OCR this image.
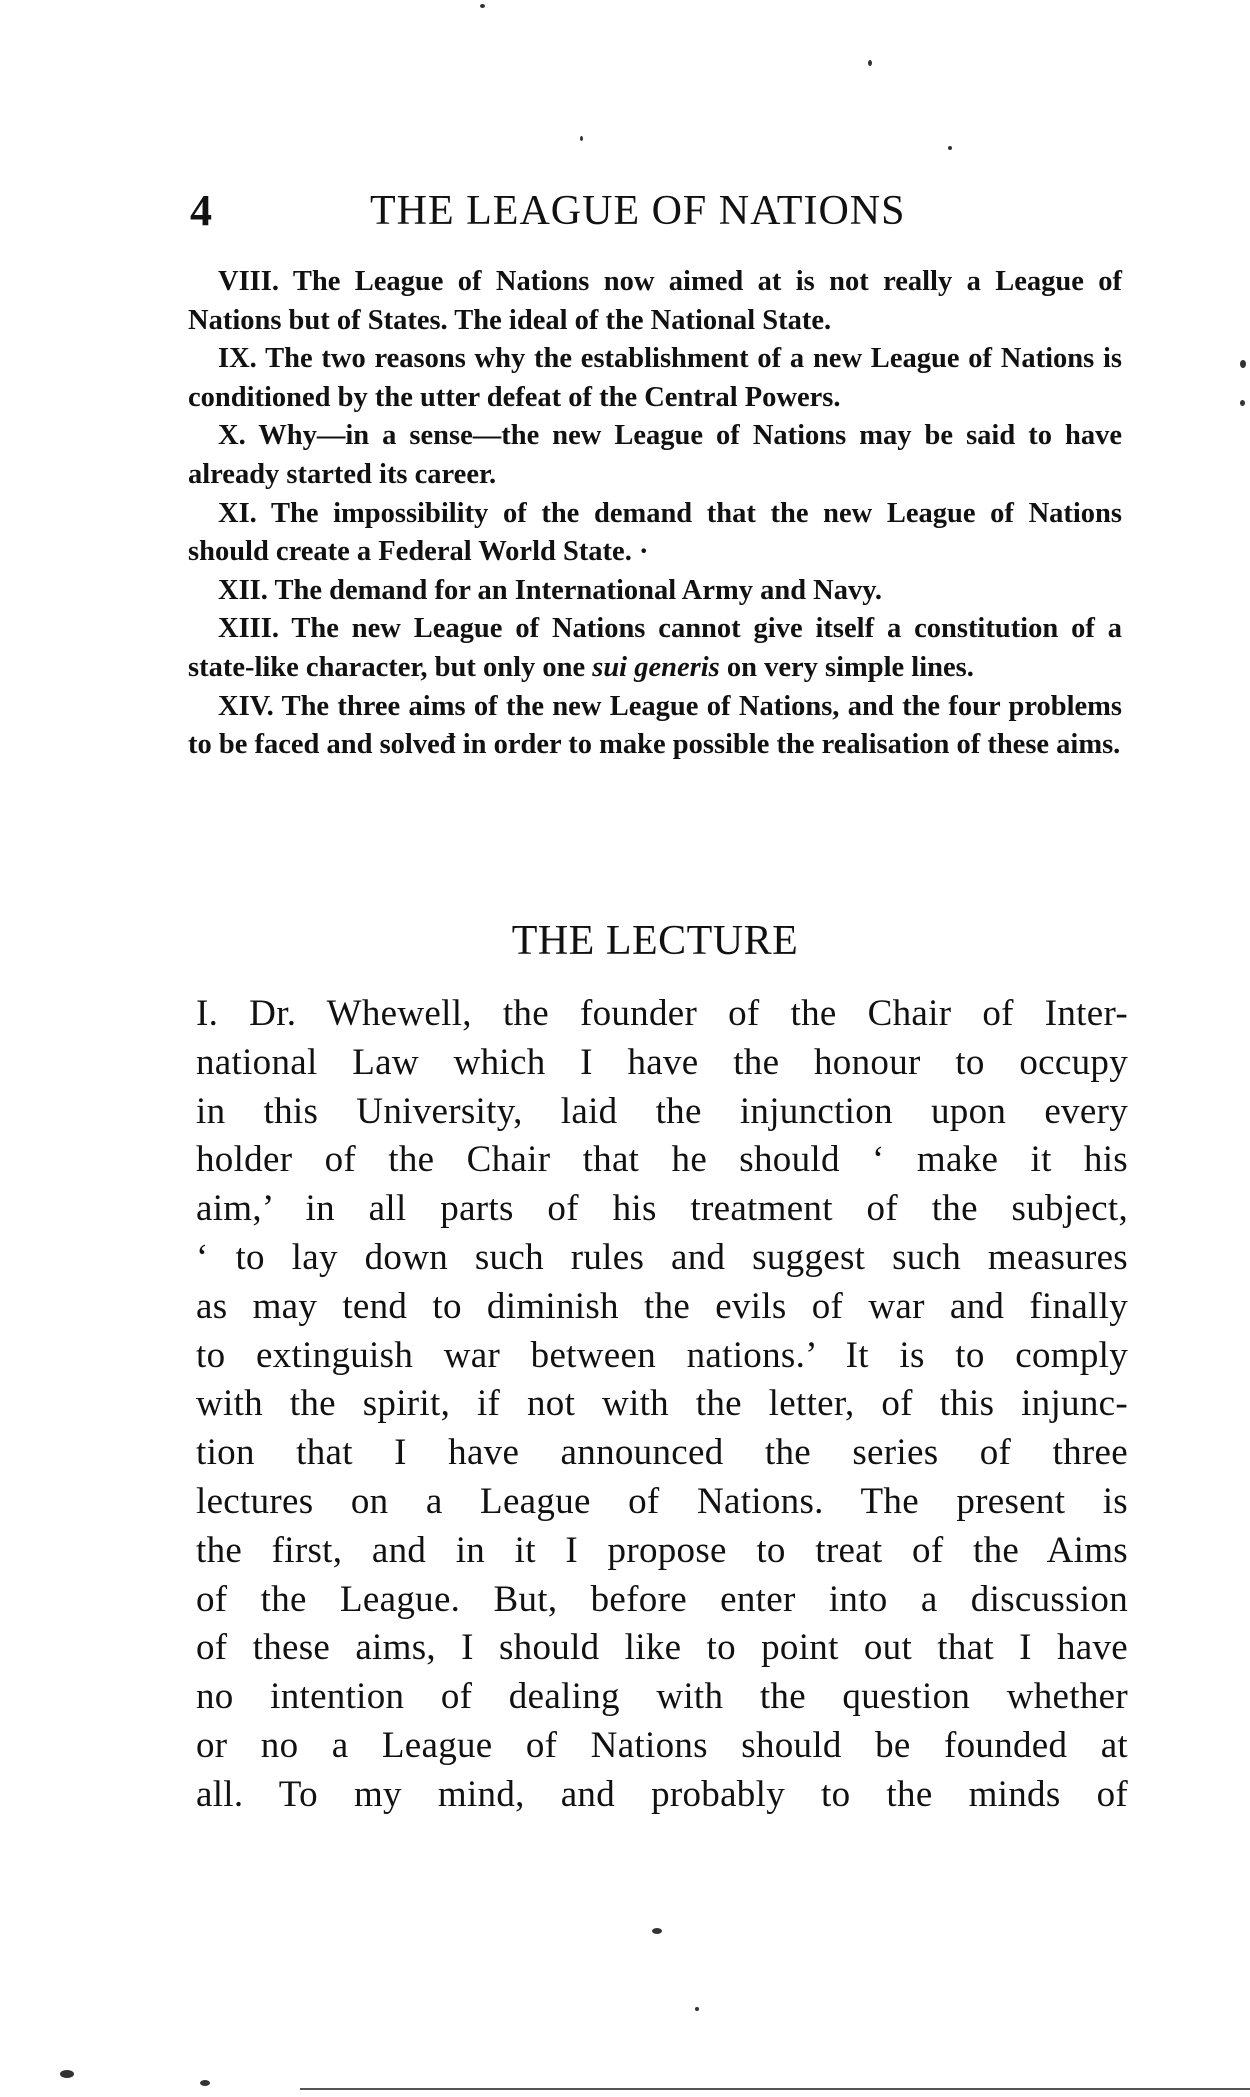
4	THE LEAGUE OF NATIONS

VIII. The League of Nations now aimed at is not really a League of Nations but of States. The ideal of the National State.

IX. The two reasons why the establishment of a new League of Nations is conditioned by the utter defeat of the Central Powers.

X. Why—in a sense—the new League of Nations may be said to have already started its career.

XI. The impossibility of the demand that the new League of Nations should create a Federal World State. ·

XII. The demand for an International Army and Navy.

XIII. The new League of Nations cannot give itself a constitution of a state-like character, but only one sui generis on very simple lines.

XIV. The three aims of the new League of Nations, and the four problems to be faced and solveđ in order to make possible the realisation of these aims.

THE LECTURE
I. Dr. Whewell, the founder of the Chair of Inter-
national Law which I have the honour to occupy
in this University, laid the injunction upon every
holder of the Chair that he should ‘ make it his
aim,’ in all parts of his treatment of the subject,
‘ to lay down such rules and suggest such measures
as may tend to diminish the evils of war and finally
to extinguish war between nations.’ It is to comply
with the spirit, if not with the letter, of this injunc-
tion that I have announced the series of three
lectures on a League of Nations. The present is
the first, and in it I propose to treat of the Aims
of the League. But, before enter into a discussion
of these aims, I should like to point out that I have
no intention of dealing with the question whether
or no a League of Nations should be founded at
all. To my mind, and probably to the minds of
